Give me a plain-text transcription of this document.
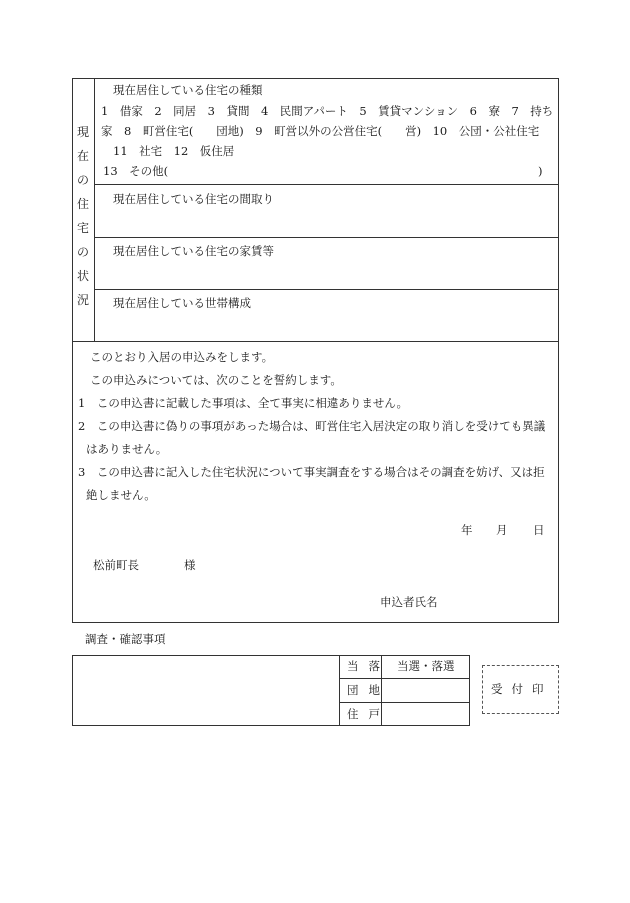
現
在
の
住
宅
の
状
況
現在居住している住宅の種類
1　借家　2　同居　3　貸間　4　民間アパート　5　賃貸マンション　6　寮　7　持ち
家　8　町営住宅(　　団地)　9　町営以外の公営住宅(　　営)　10　公団・公社住宅
11　社宅　12　仮住居
13　その他(	)
現在居住している住宅の間取り
現在居住している住宅の家賃等
現在居住している世帯構成
このとおり入居の申込みをします。
この申込みについては、次のことを誓約します。
1　この申込書に記載した事項は、全て事実に相違ありません。
2　この申込書に偽りの事項があった場合は、町営住宅入居決定の取り消しを受けても異議
はありません。
3　この申込書に記入した住宅状況について事実調査をする場合はその調査を妨げ、又は拒
絶しません。
年 月 日
松前町長	様
申込者氏名
調査・確認事項
当落 当選・落選
団地
住戸
受付印
